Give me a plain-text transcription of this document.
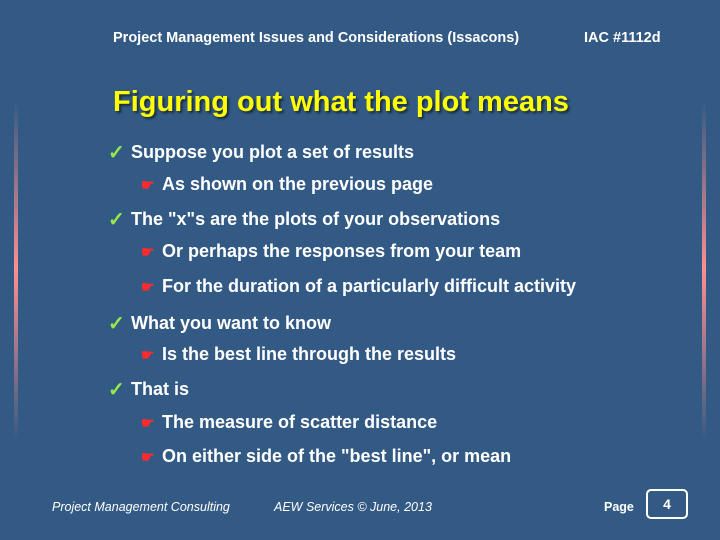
Project Management Issues and Considerations (Issacons)	IAC #1112d
Figuring out what the plot means
✓ Suppose you plot a set of results
☛ As shown on the previous page
✓ The "x"s are the plots of your observations
☛ Or perhaps the responses from your team
☛ For the duration of a particularly difficult activity
✓ What you want to know
☛ Is the best line through the results
✓ That is
☛ The measure of scatter distance
☛ On either side of the "best line", or mean
Project Management Consulting	AEW Services © June, 2013	Page 4
